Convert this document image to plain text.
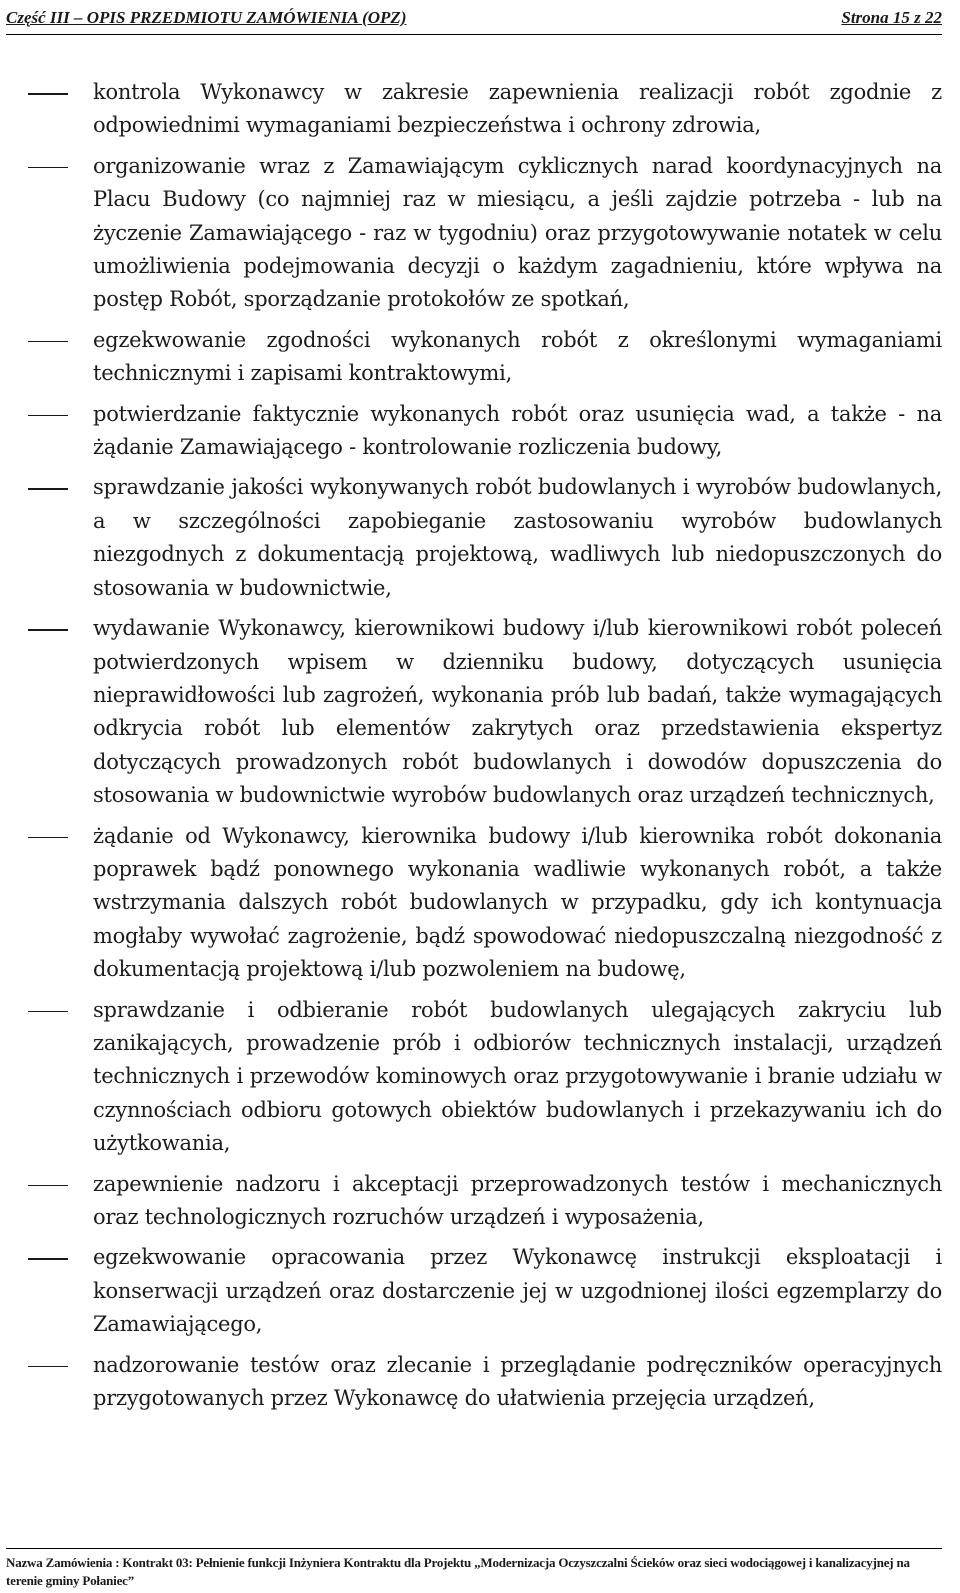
Część III – OPIS PRZEDMIOTU ZAMÓWIENIA (OPZ)	Strona 15 z 22
kontrola Wykonawcy w zakresie zapewnienia realizacji robót zgodnie z odpowiednimi wymaganiami bezpieczeństwa i ochrony zdrowia,
organizowanie wraz z Zamawiającym cyklicznych narad koordynacyjnych na Placu Budowy (co najmniej raz w miesiącu, a jeśli zajdzie potrzeba - lub na życzenie Zamawiającego - raz w tygodniu) oraz przygotowywanie notatek w celu umożliwienia podejmowania decyzji o każdym zagadnieniu, które wpływa na postęp Robót, sporządzanie protokołów ze spotkań,
egzekwowanie zgodności wykonanych robót z określonymi wymaganiami technicznymi i zapisami kontraktowymi,
potwierdzanie faktycznie wykonanych robót oraz usunięcia wad, a także - na żądanie Zamawiającego - kontrolowanie rozliczenia budowy,
sprawdzanie jakości wykonywanych robót budowlanych i wyrobów budowlanych, a w szczególności zapobieganie zastosowaniu wyrobów budowlanych niezgodnych z dokumentacją projektową, wadliwych lub niedopuszczonych do stosowania w budownictwie,
wydawanie Wykonawcy, kierownikowi budowy i/lub kierownikowi robót poleceń potwierdzonych wpisem w dzienniku budowy, dotyczących usunięcia nieprawidłowości lub zagrożeń, wykonania prób lub badań, także wymagających odkrycia robót lub elementów zakrytych oraz przedstawienia ekspertyz dotyczących prowadzonych robót budowlanych i dowodów dopuszczenia do stosowania w budownictwie wyrobów budowlanych oraz urządzeń technicznych,
żądanie od Wykonawcy, kierownika budowy i/lub kierownika robót dokonania poprawek bądź ponownego wykonania wadliwie wykonanych robót, a także wstrzymania dalszych robót budowlanych w przypadku, gdy ich kontynuacja mogłaby wywołać zagrożenie, bądź spowodować niedopuszczalną niezgodność z dokumentacją projektową i/lub pozwoleniem na budowę,
sprawdzanie i odbieranie robót budowlanych ulegających zakryciu lub zanikających, prowadzenie prób i odbiorów technicznych instalacji, urządzeń technicznych i przewodów kominowych oraz przygotowywanie i branie udziału w czynnościach odbioru gotowych obiektów budowlanych i przekazywaniu ich do użytkowania,
zapewnienie nadzoru i akceptacji przeprowadzonych testów i mechanicznych oraz technologicznych rozruchów urządzeń i wyposażenia,
egzekwowanie opracowania przez Wykonawcę instrukcji eksploatacji i konserwacji urządzeń oraz dostarczenie jej w uzgodnionej ilości egzemplarzy do Zamawiającego,
nadzorowanie testów oraz zlecanie i przeglądanie podręczników operacyjnych przygotowanych przez Wykonawcę do ułatwienia przejęcia urządzeń,
Nazwa Zamówienia : Kontrakt 03: Pełnienie funkcji Inżyniera Kontraktu dla Projektu „Modernizacja Oczyszczalni Ścieków oraz sieci wodociągowej i kanalizacyjnej na
terenie gminy Połaniec”
